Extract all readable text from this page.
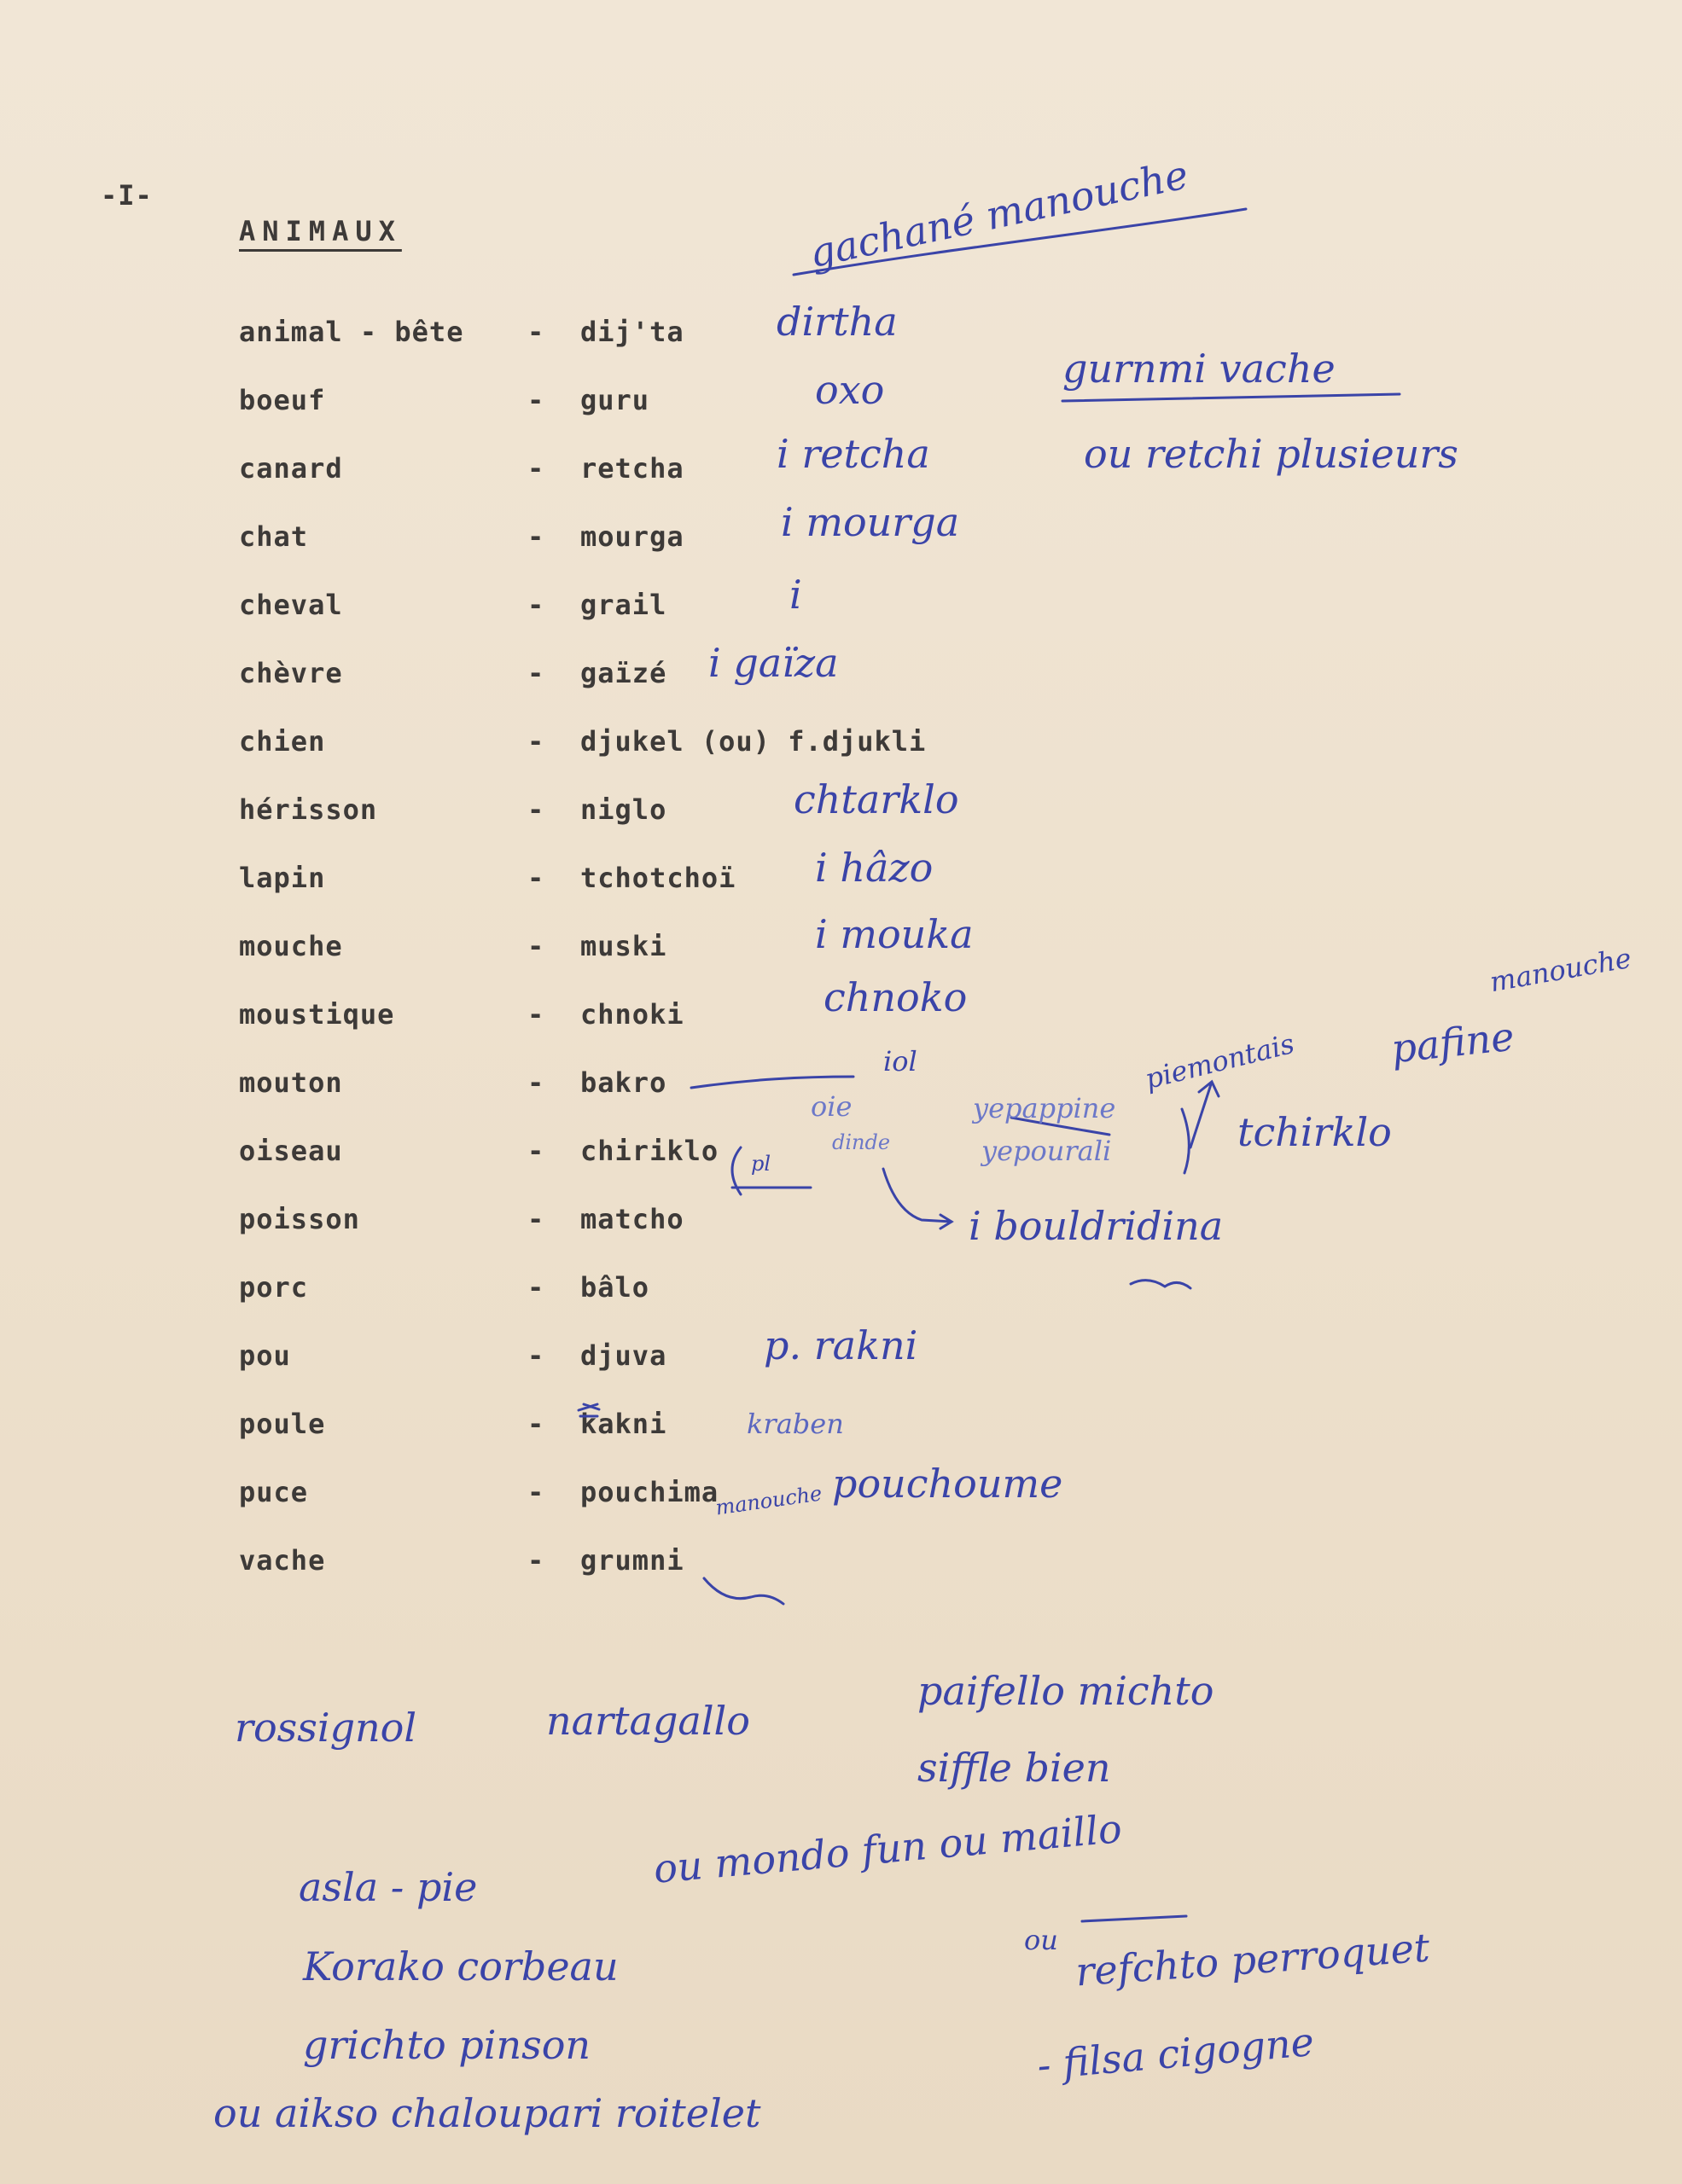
-I-
ANIMAUX
animal - bête - dij'ta
boeuf	- guru
canard	- retcha
chat	- mourga
cheval	- grail
chèvre	- gaïzé
chien	- djukel (ou) f.djukli
hérisson	- niglo
lapin	- tchotchoï
mouche	- muski
moustique	- chnoki
mouton	- bakro
oiseau	- chiriklo
poisson	- matcho
porc	- bâlo
pou	- djuva
poule	- kakni
puce	- pouchima
vache	- grumni
gachané manouche
dirtha
oxo	gurnmi vache
i retcha	ou retchi plusieurs
i mourga
i
i gaïza
chtarklo
i hâzo
i mouka
chnoko	manouche
piemontais pafine
iol
oie
dinde
pl
yepappine
yepourali	tchirklo
i bouldridina
p. rakni
kraben
manouche pouchoume
rossignol	nartagallo
paifello michto
siffle bien
asla - pie	ou mondo fun ou maillo
Korako corbeau
grichto pinson
ou aikso chaloupari roitelet
ou refchto perroquet
- filsa cigogne
